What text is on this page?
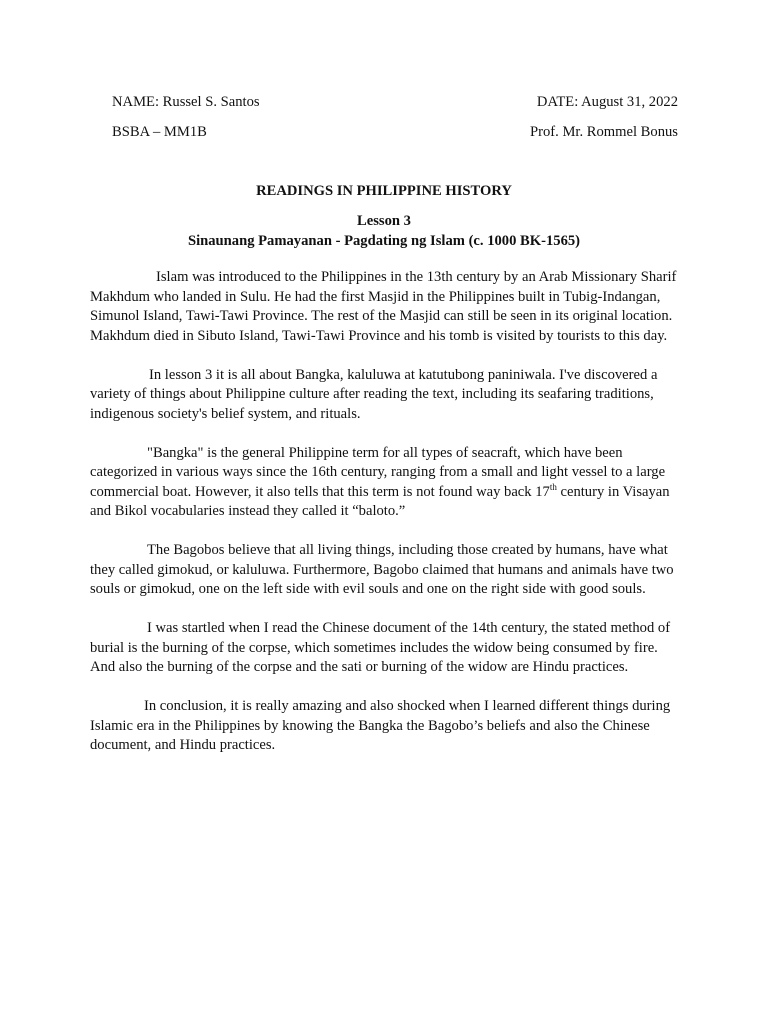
NAME: Russel S. Santos	DATE: August 31, 2022
BSBA – MM1B	Prof. Mr. Rommel Bonus
READINGS IN PHILIPPINE HISTORY
Lesson 3
Sinaunang Pamayanan - Pagdating ng Islam (c. 1000 BK-1565)

Islam was introduced to the Philippines in the 13th century by an Arab Missionary Sharif Makhdum who landed in Sulu. He had the first Masjid in the Philippines built in Tubig-Indangan, Simunol Island, Tawi-Tawi Province. The rest of the Masjid can still be seen in its original location. Makhdum died in Sibuto Island, Tawi-Tawi Province and his tomb is visited by tourists to this day.

In lesson 3 it is all about Bangka, kaluluwa at katutubong paniniwala. I've discovered a variety of things about Philippine culture after reading the text, including its seafaring traditions, indigenous society's belief system, and rituals.

"Bangka" is the general Philippine term for all types of seacraft, which have been categorized in various ways since the 16th century, ranging from a small and light vessel to a large commercial boat. However, it also tells that this term is not found way back 17th century in Visayan and Bikol vocabularies instead they called it “baloto.”

The Bagobos believe that all living things, including those created by humans, have what they called gimokud, or kaluluwa. Furthermore, Bagobo claimed that humans and animals have two souls or gimokud, one on the left side with evil souls and one on the right side with good souls.

I was startled when I read the Chinese document of the 14th century, the stated method of burial is the burning of the corpse, which sometimes includes the widow being consumed by fire. And also the burning of the corpse and the sati or burning of the widow are Hindu practices.

In conclusion, it is really amazing and also shocked when I learned different things during Islamic era in the Philippines by knowing the Bangka the Bagobo’s beliefs and also the Chinese document, and Hindu practices.
